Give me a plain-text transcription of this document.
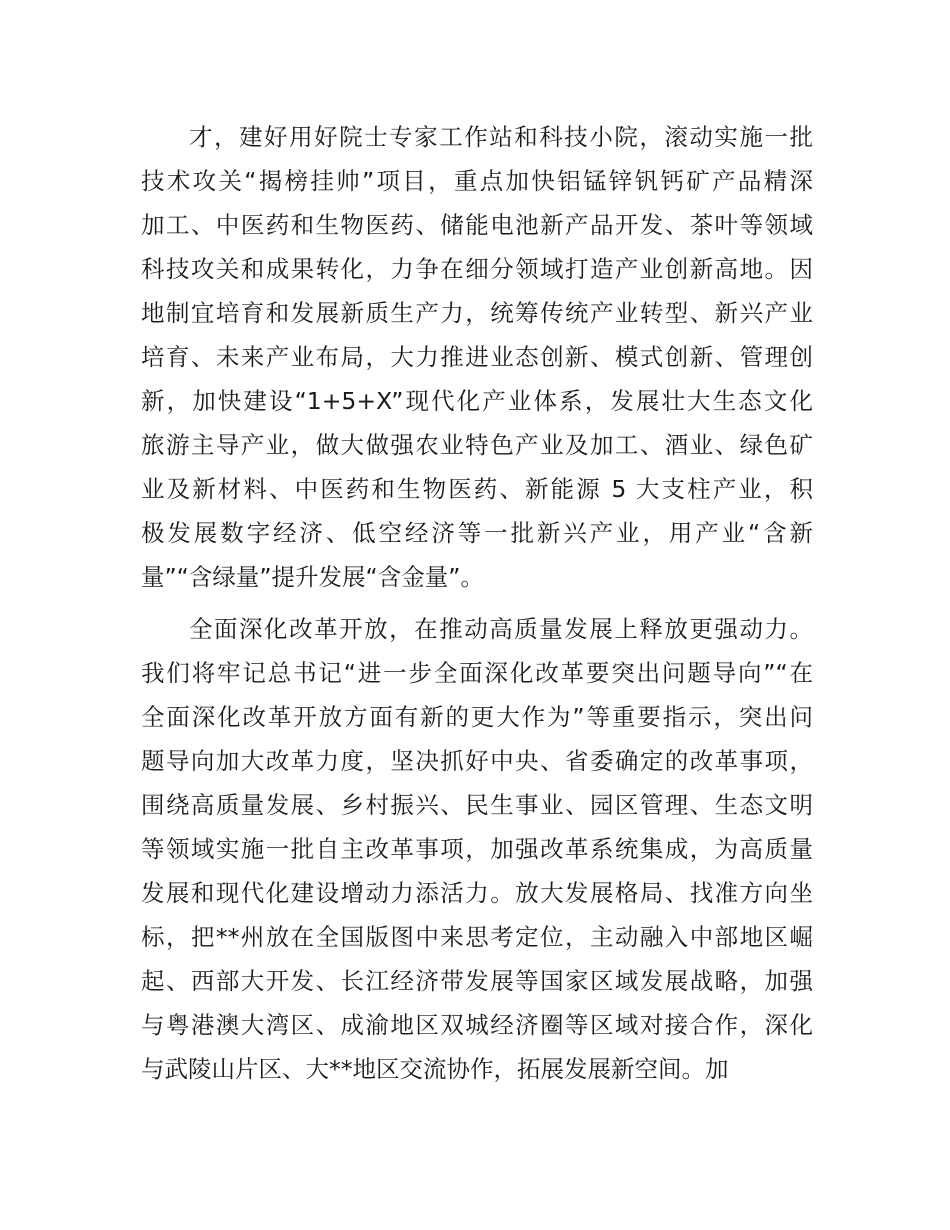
才，建好用好院士专家工作站和科技小院，滚动实施一批
技术攻关“揭榜挂帅”项目，重点加快铝锰锌钒钙矿产品精深
加工、中医药和生物医药、储能电池新产品开发、茶叶等领域
科技攻关和成果转化，力争在细分领域打造产业创新高地。因
地制宜培育和发展新质生产力，统筹传统产业转型、新兴产业
培育、未来产业布局，大力推进业态创新、模式创新、管理创
新，加快建设“1+5+X”现代化产业体系，发展壮大生态文化
旅游主导产业，做大做强农业特色产业及加工、酒业、绿色矿
业及新材料、中医药和生物医药、新能源 5 大支柱产业，积
极发展数字经济、低空经济等一批新兴产业，用产业“含新
量”“含绿量”提升发展“含金量”。
全面深化改革开放，在推动高质量发展上释放更强动力。
我们将牢记总书记“进一步全面深化改革要突出问题导向”“在
全面深化改革开放方面有新的更大作为”等重要指示，突出问
题导向加大改革力度，坚决抓好中央、省委确定的改革事项，
围绕高质量发展、乡村振兴、民生事业、园区管理、生态文明
等领域实施一批自主改革事项，加强改革系统集成，为高质量
发展和现代化建设增动力添活力。放大发展格局、找准方向坐
标，把**州放在全国版图中来思考定位，主动融入中部地区崛
起、西部大开发、长江经济带发展等国家区域发展战略，加强
与粤港澳大湾区、成渝地区双城经济圈等区域对接合作，深化
与武陵山片区、大**地区交流协作，拓展发展新空间。加
